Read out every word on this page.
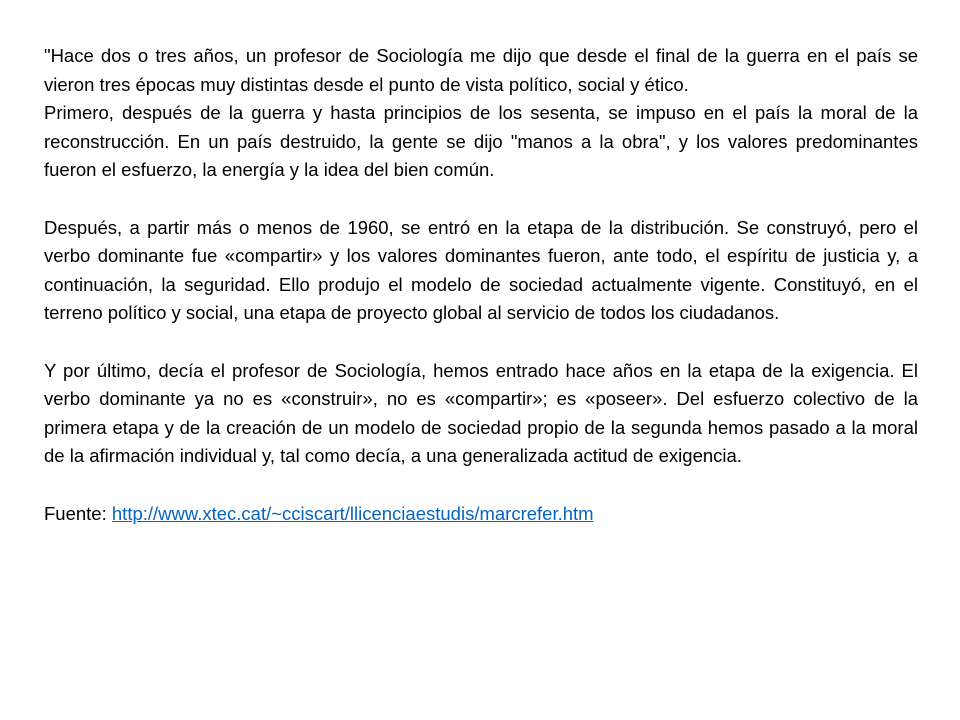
"Hace dos o tres años, un profesor de Sociología me dijo que desde el final de la guerra en el país se vieron tres épocas muy distintas desde el punto de vista político, social y ético.

Primero, después de la guerra y hasta principios de los sesenta, se impuso en el país la moral de la reconstrucción. En un país destruido, la gente se dijo "manos a la obra", y los valores predominantes fueron el esfuerzo, la energía y la idea del bien común.

Después, a partir más o menos de 1960, se entró en la etapa de la distribución. Se construyó, pero el verbo dominante fue «compartir» y los valores dominantes fueron, ante todo, el espíritu de justicia y, a continuación, la seguridad. Ello produjo el modelo de sociedad actualmente vigente. Constituyó, en el terreno político y social, una etapa de proyecto global al servicio de todos los ciudadanos.

Y por último, decía el profesor de Sociología, hemos entrado hace años en la etapa de la exigencia. El verbo dominante ya no es «construir», no es «compartir»; es «poseer». Del esfuerzo colectivo de la primera etapa y de la creación de un modelo de sociedad propio de la segunda hemos pasado a la moral de la afirmación individual y, tal como decía, a una generalizada actitud de exigencia.

Fuente: http://www.xtec.cat/~cciscart/llicenciaestudis/marcrefer.htm
